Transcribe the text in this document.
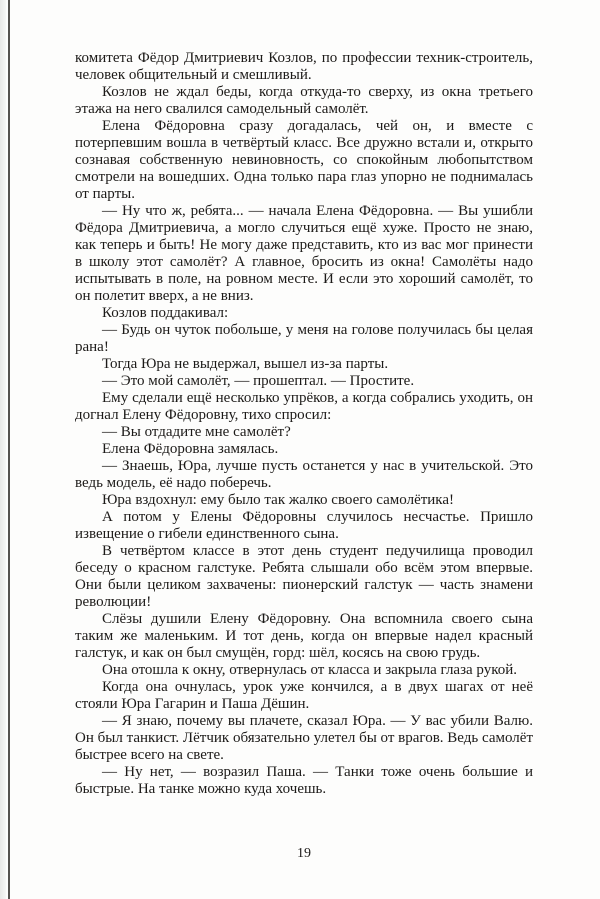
комитета Фёдор Дмитриевич Козлов, по профессии техник-строитель, человек общительный и смешливый.

Козлов не ждал беды, когда откуда-то сверху, из окна третьего этажа на него свалился самодельный самолёт.

Елена Фёдоровна сразу догадалась, чей он, и вместе с потерпевшим вошла в четвёртый класс. Все дружно встали и, открыто сознавая собственную невиновность, со спокойным любопытством смотрели на вошедших. Одна только пара глаз упорно не поднималась от парты.

— Ну что ж, ребята... — начала Елена Фёдоровна. — Вы ушибли Фёдора Дмитриевича, а могло случиться ещё хуже. Просто не знаю, как теперь и быть! Не могу даже представить, кто из вас мог принести в школу этот самолёт? А главное, бросить из окна! Самолёты надо испытывать в поле, на ровном месте. И если это хороший самолёт, то он полетит вверх, а не вниз.

Козлов поддакивал:

— Будь он чуток побольше, у меня на голове получилась бы целая рана!

Тогда Юра не выдержал, вышел из-за парты.

— Это мой самолёт, — прошептал. — Простите.

Ему сделали ещё несколько упрёков, а когда собрались уходить, он догнал Елену Фёдоровну, тихо спросил:

— Вы отдадите мне самолёт?

Елена Фёдоровна замялась.

— Знаешь, Юра, лучше пусть останется у нас в учительской. Это ведь модель, её надо поберечь.

Юра вздохнул: ему было так жалко своего самолётика!

А потом у Елены Фёдоровны случилось несчастье. Пришло извещение о гибели единственного сына.

В четвёртом классе в этот день студент педучилища проводил беседу о красном галстуке. Ребята слышали обо всём этом впервые. Они были целиком захвачены: пионерский галстук — часть знамени революции!

Слёзы душили Елену Фёдоровну. Она вспомнила своего сына таким же маленьким. И тот день, когда он впервые надел красный галстук, и как он был смущён, горд: шёл, косясь на свою грудь.

Она отошла к окну, отвернулась от класса и закрыла глаза рукой.

Когда она очнулась, урок уже кончился, а в двух шагах от неё стояли Юра Гагарин и Паша Дёшин.

— Я знаю, почему вы плачете, сказал Юра. — У вас убили Валю. Он был танкист. Лётчик обязательно улетел бы от врагов. Ведь самолёт быстрее всего на свете.

— Ну нет, — возразил Паша. — Танки тоже очень большие и быстрые. На танке можно куда хочешь.

19
